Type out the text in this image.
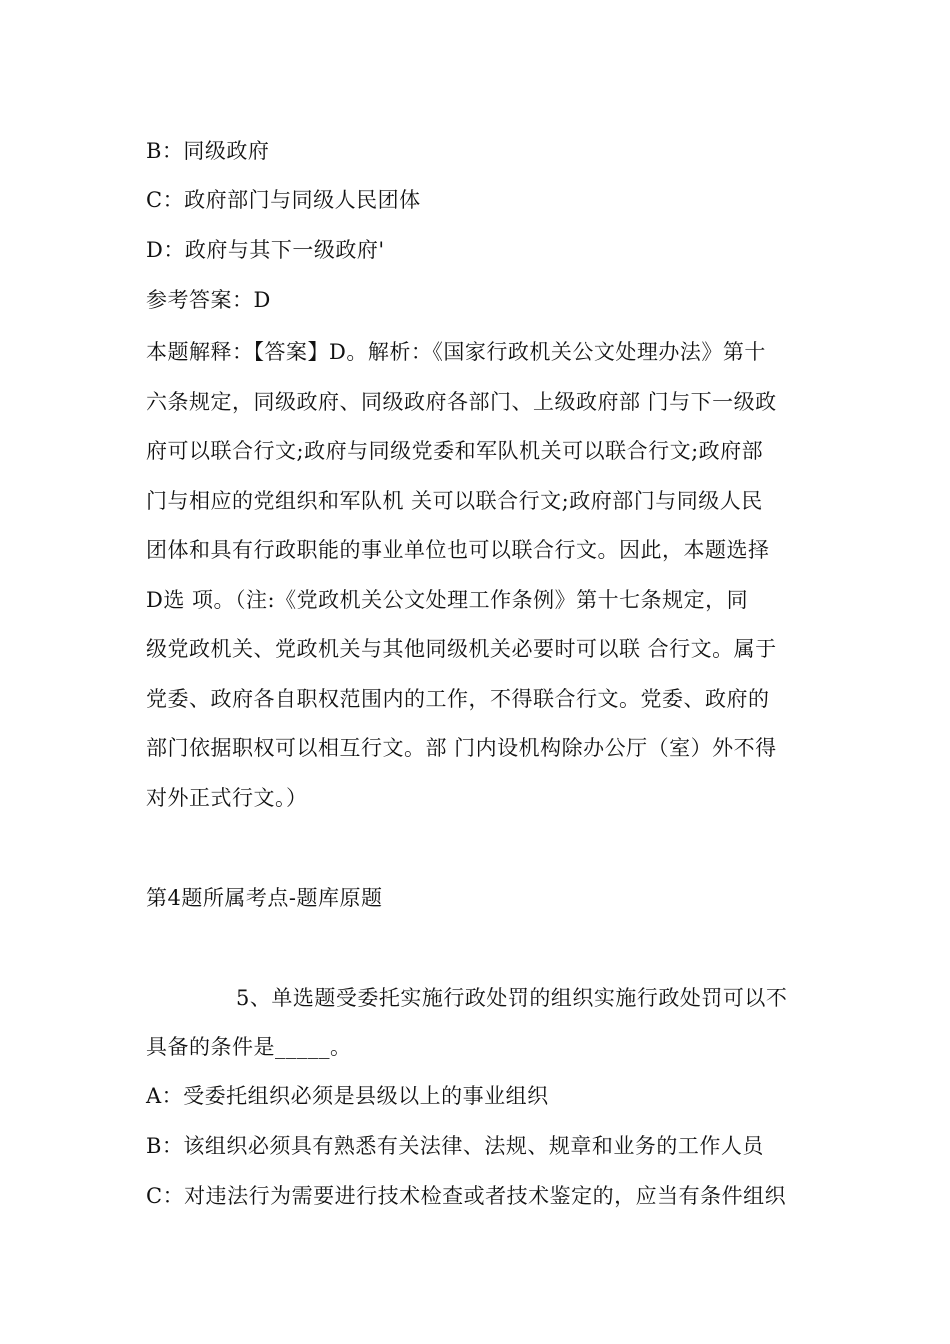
B：同级政府
C：政府部门与同级人民团体
D：政府与其下一级政府'
参考答案：D
本题解释：【答案】D。解析：《国家行政机关公文处理办法》第十
六条规定，同级政府、同级政府各部门、上级政府部 门与下一级政
府可以联合行文;政府与同级党委和军队机关可以联合行文;政府部
门与相应的党组织和军队机 关可以联合行文;政府部门与同级人民
团体和具有行政职能的事业单位也可以联合行文。因此，本题选择
D选 项。（注:《党政机关公文处理工作条例》第十七条规定，同
级党政机关、党政机关与其他同级机关必要时可以联 合行文。属于
党委、政府各自职权范围内的工作，不得联合行文。党委、政府的
部门依据职权可以相互行文。部 门内设机构除办公厅（室）外不得
对外正式行文。）
第4题所属考点-题库原题
5、单选题受委托实施行政处罚的组织实施行政处罚可以不
具备的条件是_____。
A：受委托组织必须是县级以上的事业组织
B：该组织必须具有熟悉有关法律、法规、规章和业务的工作人员
C：对违法行为需要进行技术检查或者技术鉴定的，应当有条件组织
